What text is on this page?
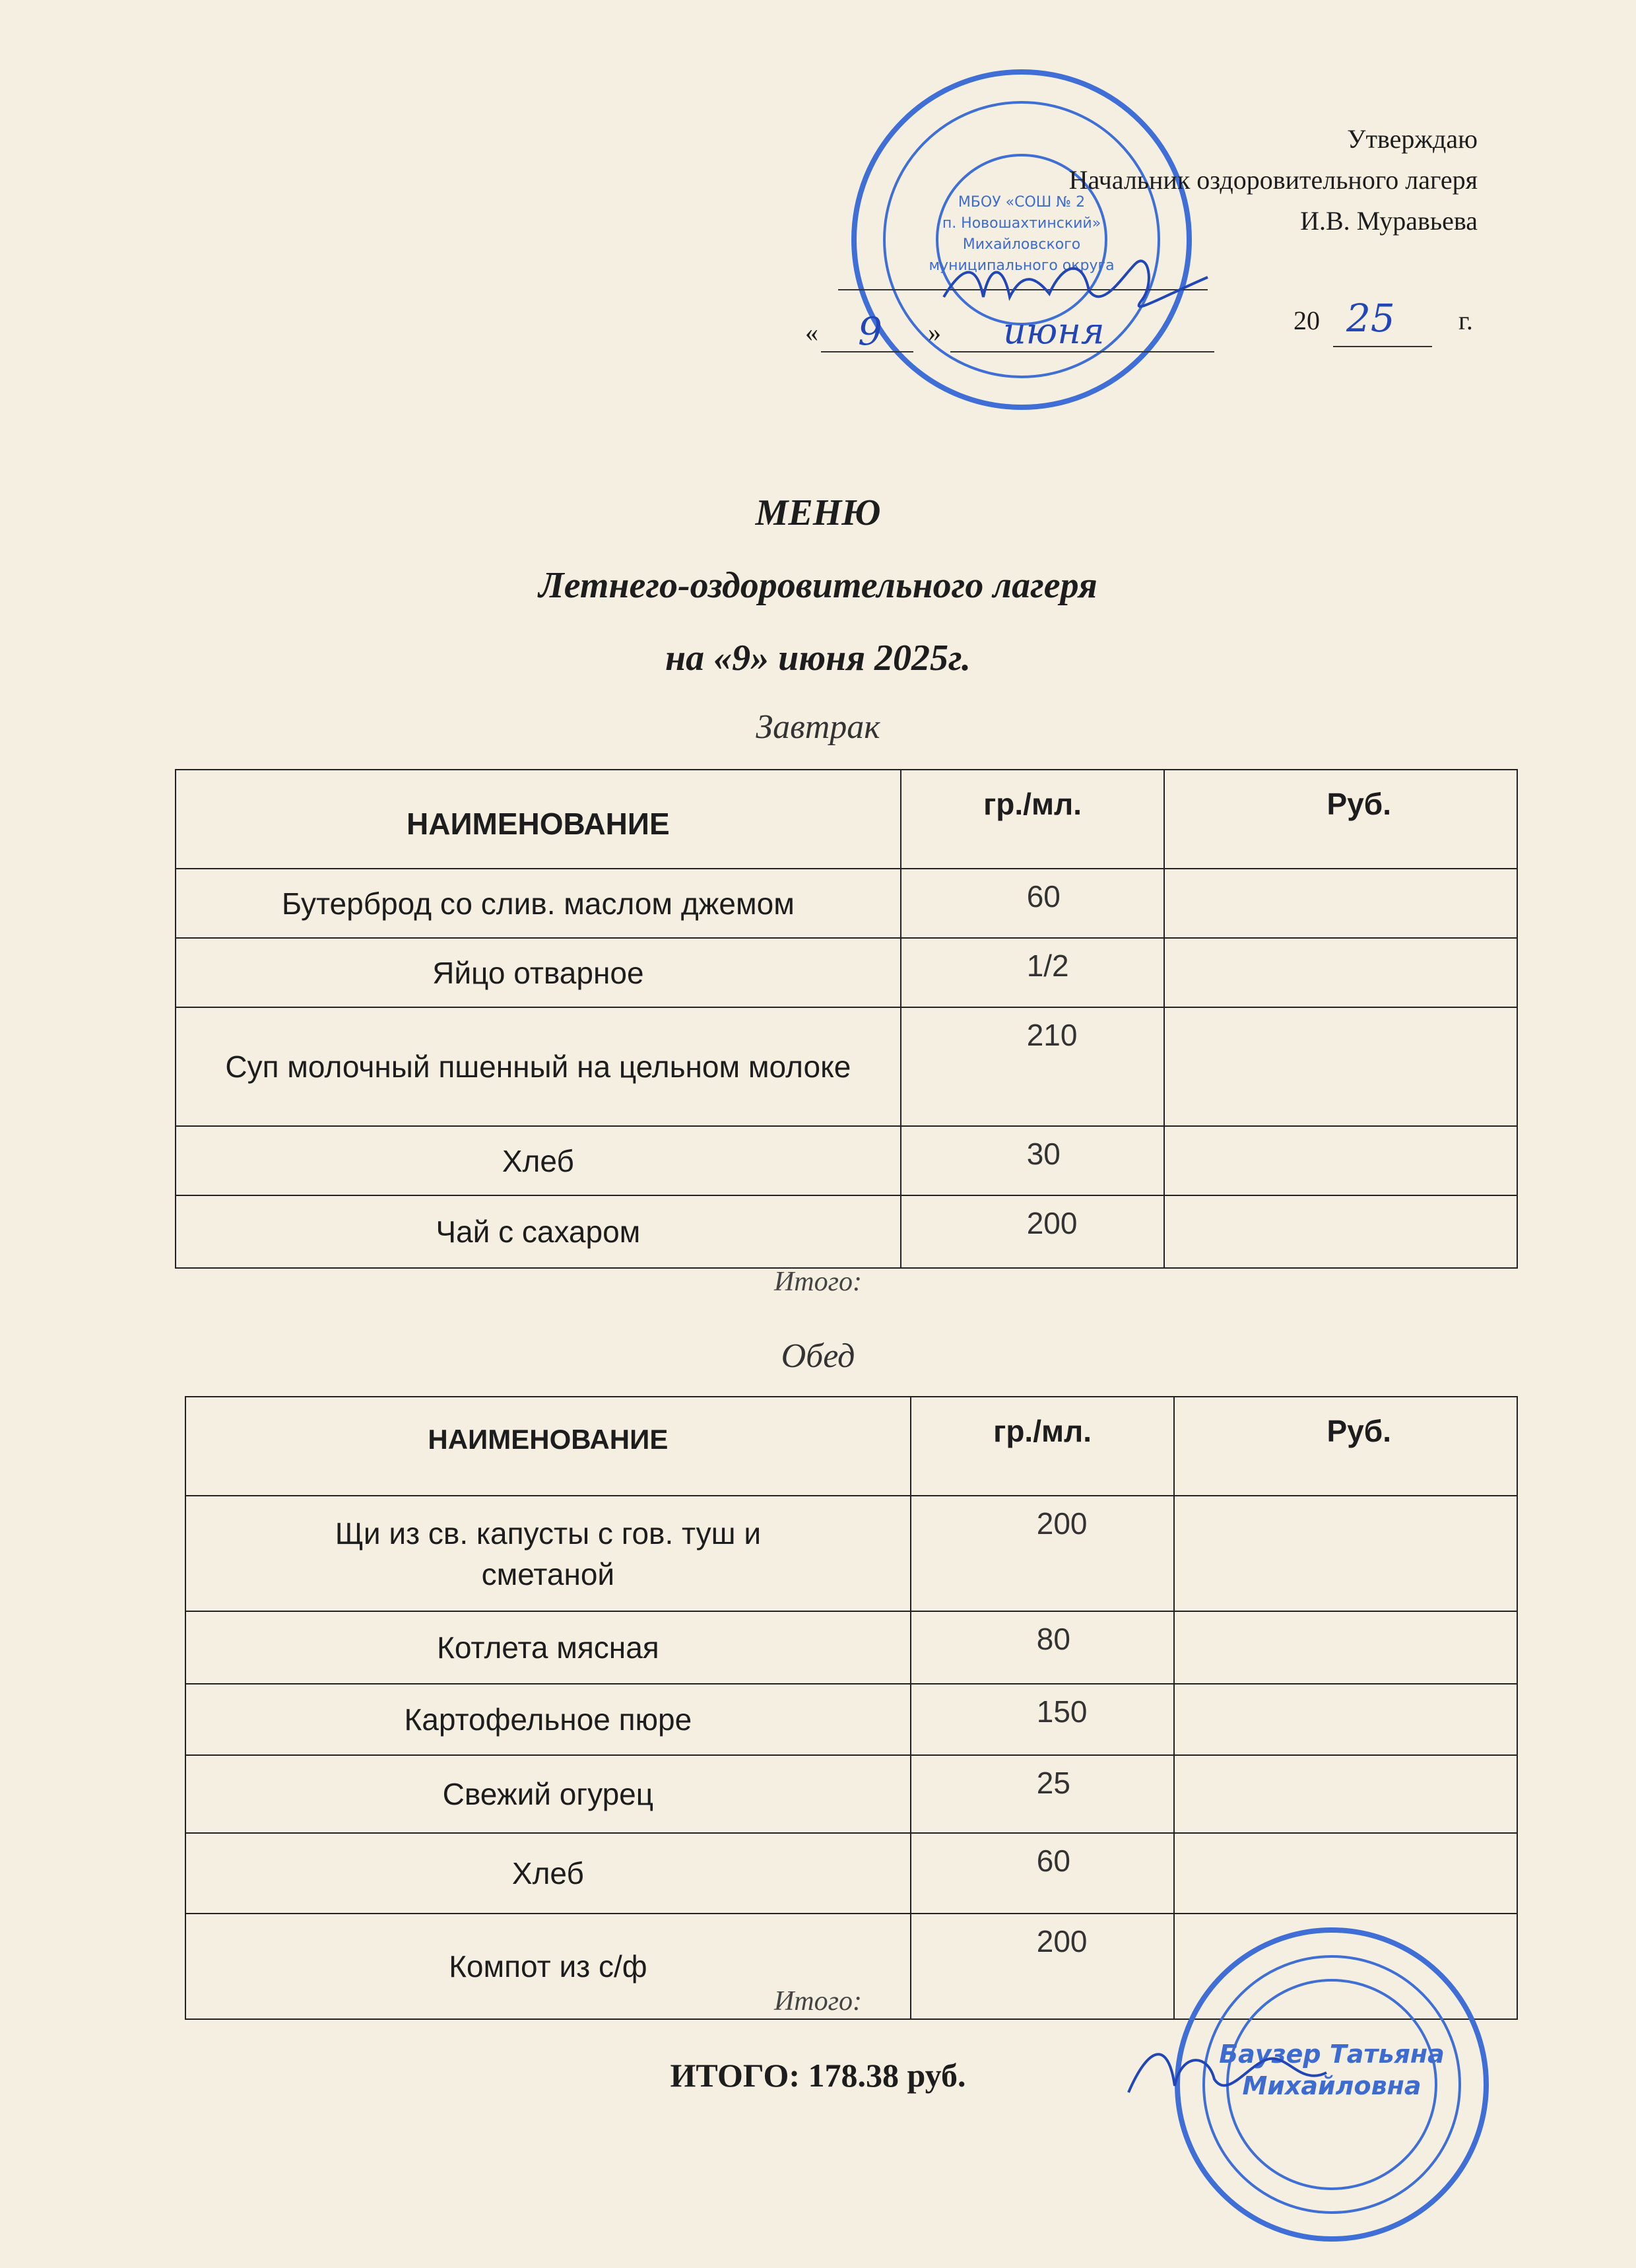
МБОУ «СОШ № 2
п. Новошахтинский»
Михайловского
муниципального округа
Утверждаю
Начальник оздоровительного лагеря
И.В. Муравьева
« 9 » июня	20 25 г.
МЕНЮ
Летнего-оздоровительного лагеря
на «9» июня 2025г.
Завтрак
НАИМЕНОВАНИЕ	гр./мл.	Руб.
Бутерброд со слив. маслом джемом	60	
Яйцо отварное	1/2	
Суп молочный пшенный на цельном молоке	210	
Хлеб	30	
Чай с сахаром	200	
Итого:
Обед
НАИМЕНОВАНИЕ	гр./мл.	Руб.
Щи из св. капусты с гов. туш и сметаной	200	
Котлета мясная	80	
Картофельное пюре	150	
Свежий огурец	25	
Хлеб	60	
Компот из с/ф	200	
Итого:
ИТОГО: 178.38 руб.
Баузер Татьяна
Михайловна
